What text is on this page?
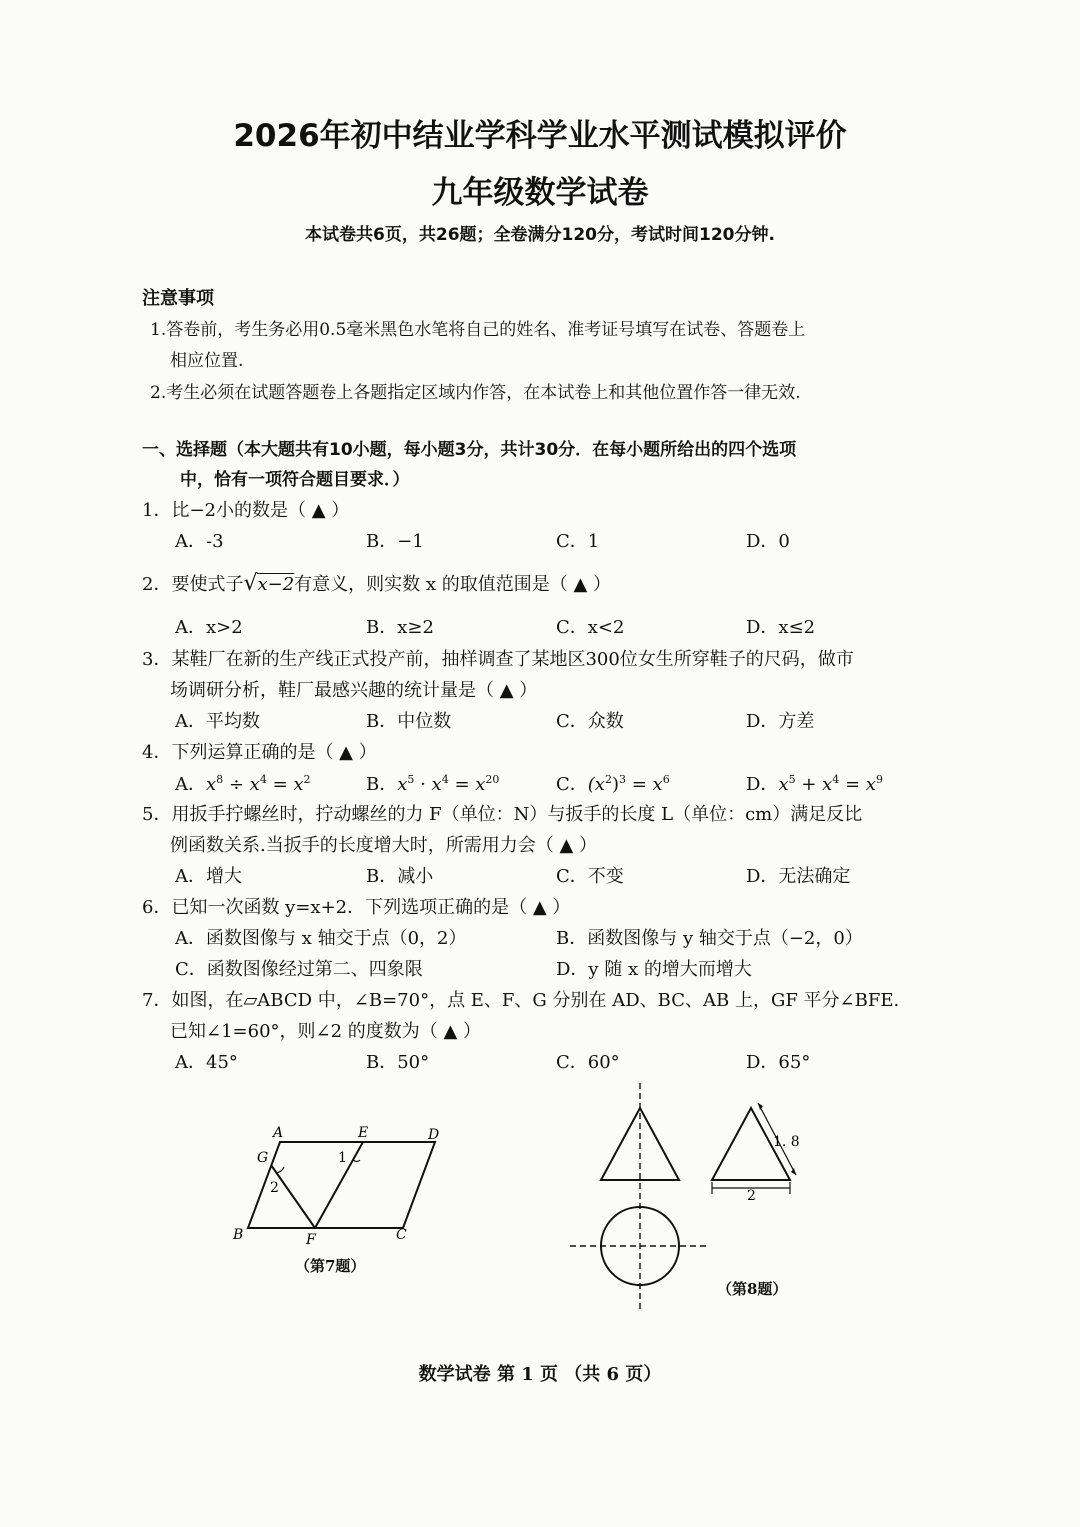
2026年初中结业学科学业水平测试模拟评价
九年级数学试卷
本试卷共6页，共26题；全卷满分120分，考试时间120分钟.
注意事项
1.答卷前，考生务必用0.5毫米黑色水笔将自己的姓名、准考证号填写在试卷、答题卷上
相应位置.
2.考生必须在试题答题卷上各题指定区域内作答，在本试卷上和其他位置作答一律无效.
一、选择题（本大题共有10小题，每小题3分，共计30分．在每小题所给出的四个选项
中，恰有一项符合题目要求．）
1．比−2小的数是（ ▲ ）
A．-3	B．−1	C．1	D．0
2．要使式子√x−2有意义，则实数 x 的取值范围是（ ▲ ）
A．x>2	B．x≥2	C．x<2	D．x≤2
3．某鞋厂在新的生产线正式投产前，抽样调查了某地区300位女生所穿鞋子的尺码，做市
场调研分析，鞋厂最感兴趣的统计量是（ ▲ ）
A．平均数	B．中位数	C．众数	D．方差
4．下列运算正确的是（ ▲ ）
A．$x^8 \div x^4 = x^2$	B．$x^5 \cdot x^4 = x^{20}$	C．$(x^2)^3 = x^6$	D．$x^5 + x^4 = x^9$
5．用扳手拧螺丝时，拧动螺丝的力 F（单位：N）与扳手的长度 L（单位：cm）满足反比
例函数关系.当扳手的长度增大时，所需用力会（ ▲ ）
A．增大	B．减小	C．不变	D．无法确定
6．已知一次函数 y=x+2．下列选项正确的是（ ▲ ）
A．函数图像与 x 轴交于点（0，2）	B．函数图像与 y 轴交于点（−2，0）
C．函数图像经过第二、四象限	D．y 随 x 的增大而增大
7．如图，在▱ABCD 中，∠B=70°，点 E、F、G 分别在 AD、BC、AB 上，GF 平分∠BFE.
已知∠1=60°，则∠2 的度数为（ ▲ ）
A．45°	B．50°	C．60°	D．65°
A	E	D
G	1
2
B	F	C
（第7题）
1. 8
2
（第8题）
数学试卷 第 1 页 （共 6 页）
